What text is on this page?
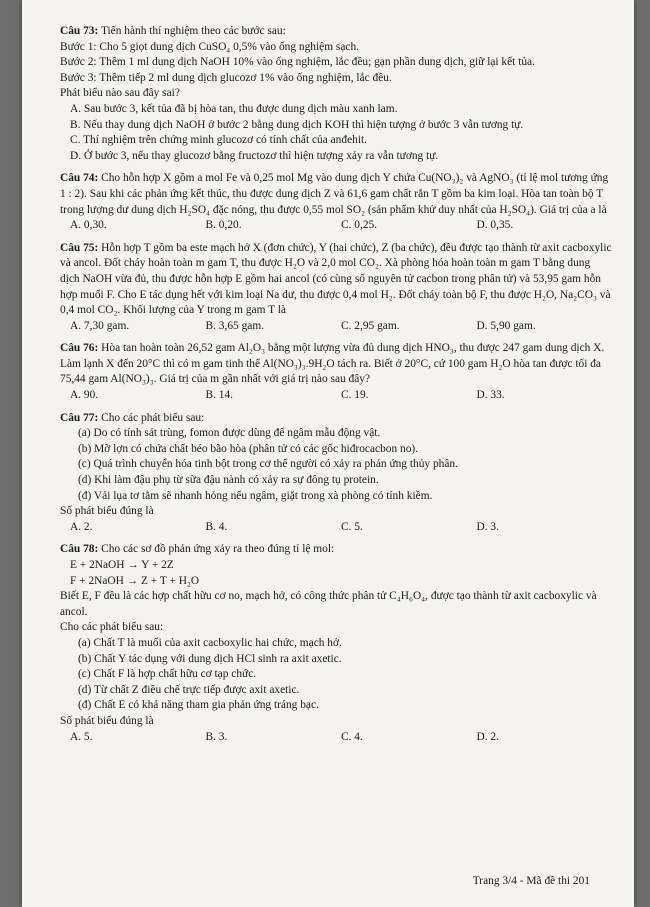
Câu 73: Tiến hành thí nghiệm theo các bước sau:
Bước 1: Cho 5 giọt dung dịch CuSO₄ 0,5% vào ống nghiệm sạch.
Bước 2: Thêm 1 ml dung dịch NaOH 10% vào ống nghiệm, lắc đều; gạn phần dung dịch, giữ lại kết tủa.
Bước 3: Thêm tiếp 2 ml dung dịch glucozơ 1% vào ống nghiệm, lắc đều.
Phát biểu nào sau đây sai?
A. Sau bước 3, kết tủa đã bị hòa tan, thu được dung dịch màu xanh lam.
B. Nếu thay dung dịch NaOH ở bước 2 bằng dung dịch KOH thì hiện tượng ở bước 3 vẫn tương tự.
C. Thí nghiệm trên chứng minh glucozơ có tính chất của anđehit.
D. Ở bước 3, nếu thay glucozơ bằng fructozơ thì hiện tượng xảy ra vẫn tương tự.
Câu 74: Cho hỗn hợp X gồm a mol Fe và 0,25 mol Mg vào dung dịch Y chứa Cu(NO₃)₂ và AgNO₃ (tỉ lệ mol tương ứng 1 : 2). Sau khi các phản ứng kết thúc, thu được dung dịch Z và 61,6 gam chất rắn T gồm ba kim loại. Hòa tan toàn bộ T trong lượng dư dung dịch H₂SO₄ đặc nóng, thu được 0,55 mol SO₂ (sản phẩm khử duy nhất của H₂SO₄). Giá trị của a là
A. 0,30.	B. 0,20.	C. 0,25.	D. 0,35.
Câu 75: Hỗn hợp T gồm ba este mạch hở X (đơn chức), Y (hai chức), Z (ba chức), đều được tạo thành từ axit cacboxylic và ancol. Đốt cháy hoàn toàn m gam T, thu được H₂O và 2,0 mol CO₂. Xà phòng hóa hoàn toàn m gam T bằng dung dịch NaOH vừa đủ, thu được hỗn hợp E gồm hai ancol (có cùng số nguyên tử cacbon trong phân tử) và 53,95 gam hỗn hợp muối F. Cho E tác dụng hết với kim loại Na dư, thu được 0,4 mol H₂. Đốt cháy toàn bộ F, thu được H₂O, Na₂CO₃ và 0,4 mol CO₂. Khối lượng của Y trong m gam T là
A. 7,30 gam.	B. 3,65 gam.	C. 2,95 gam.	D. 5,90 gam.
Câu 76: Hòa tan hoàn toàn 26,52 gam Al₂O₃ bằng một lượng vừa đủ dung dịch HNO₃, thu được 247 gam dung dịch X. Làm lạnh X đến 20°C thì có m gam tinh thể Al(NO₃)₃.9H₂O tách ra. Biết ở 20°C, cứ 100 gam H₂O hòa tan được tối đa 75,44 gam Al(NO₃)₃. Giá trị của m gần nhất với giá trị nào sau đây?
A. 90.	B. 14.	C. 19.	D. 33.
Câu 77: Cho các phát biểu sau:
(a) Do có tính sát trùng, fomon được dùng để ngâm mẫu động vật.
(b) Mỡ lợn có chứa chất béo bão hòa (phân tử có các gốc hiđrocacbon no).
(c) Quá trình chuyển hóa tinh bột trong cơ thể người có xảy ra phản ứng thủy phân.
(d) Khi làm đậu phụ từ sữa đậu nành có xảy ra sự đông tụ protein.
(đ) Vải lụa tơ tằm sẽ nhanh hỏng nếu ngâm, giặt trong xà phòng có tính kiềm.
Số phát biểu đúng là
A. 2.	B. 4.	C. 5.	D. 3.
Câu 78: Cho các sơ đồ phản ứng xảy ra theo đúng tỉ lệ mol:
E + 2NaOH → Y + 2Z
F + 2NaOH → Z + T + H₂O
Biết E, F đều là các hợp chất hữu cơ no, mạch hở, có công thức phân tử C₄H₆O₄, được tạo thành từ axit cacboxylic và ancol.
Cho các phát biểu sau:
(a) Chất T là muối của axit cacboxylic hai chức, mạch hở.
(b) Chất Y tác dụng với dung dịch HCl sinh ra axit axetic.
(c) Chất F là hợp chất hữu cơ tạp chức.
(d) Từ chất Z điều chế trực tiếp được axit axetic.
(đ) Chất E có khả năng tham gia phản ứng tráng bạc.
Số phát biểu đúng là
A. 5.	B. 3.	C. 4.	D. 2.
Trang 3/4 - Mã đề thi 201
